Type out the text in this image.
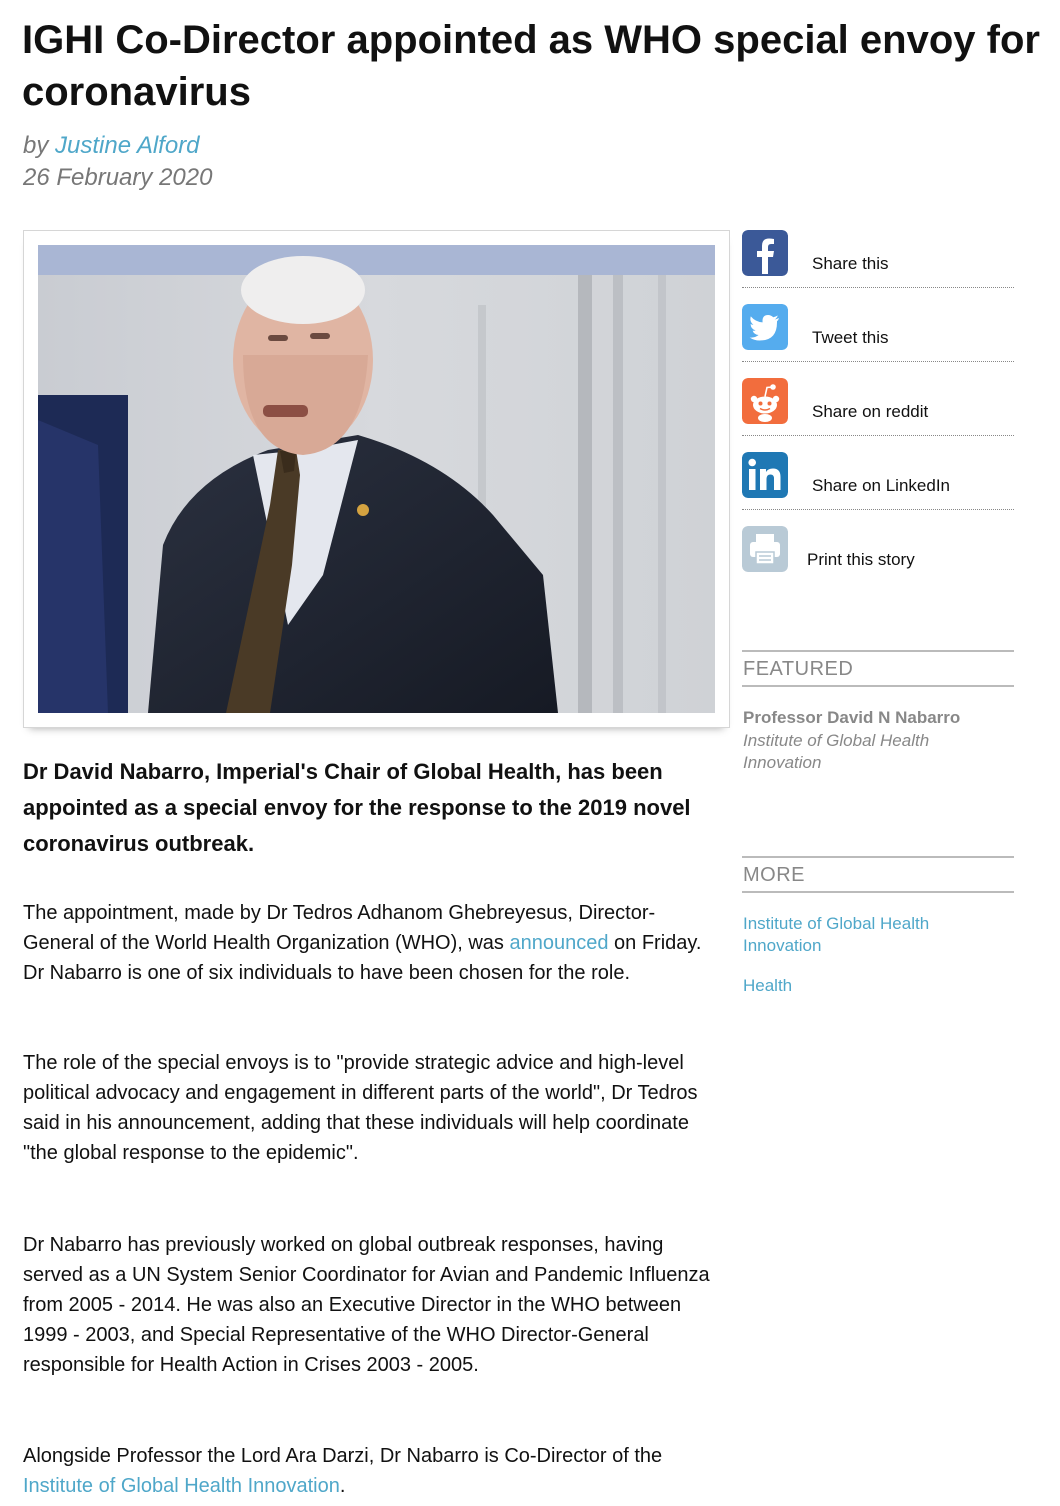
IGHI Co-Director appointed as WHO special envoy for coronavirus
by Justine Alford
26 February 2020

Dr David Nabarro, Imperial's Chair of Global Health, has been appointed as a special envoy for the response to the 2019 novel coronavirus outbreak.

The appointment, made by Dr Tedros Adhanom Ghebreyesus, Director-General of the World Health Organization (WHO), was announced on Friday. Dr Nabarro is one of six individuals to have been chosen for the role.

The role of the special envoys is to "provide strategic advice and high-level political advocacy and engagement in different parts of the world", Dr Tedros said in his announcement, adding that these individuals will help coordinate "the global response to the epidemic".

Dr Nabarro has previously worked on global outbreak responses, having served as a UN System Senior Coordinator for Avian and Pandemic Influenza from 2005 - 2014. He was also an Executive Director in the WHO between 1999 - 2003, and Special Representative of the WHO Director-General responsible for Health Action in Crises 2003 - 2005.

Alongside Professor the Lord Ara Darzi, Dr Nabarro is Co-Director of the Institute of Global Health Innovation.

Share this
Tweet this
Share on reddit
Share on LinkedIn
Print this story
FEATURED
Professor David N Nabarro
Institute of Global Health Innovation
MORE
Institute of Global Health Innovation
Health
